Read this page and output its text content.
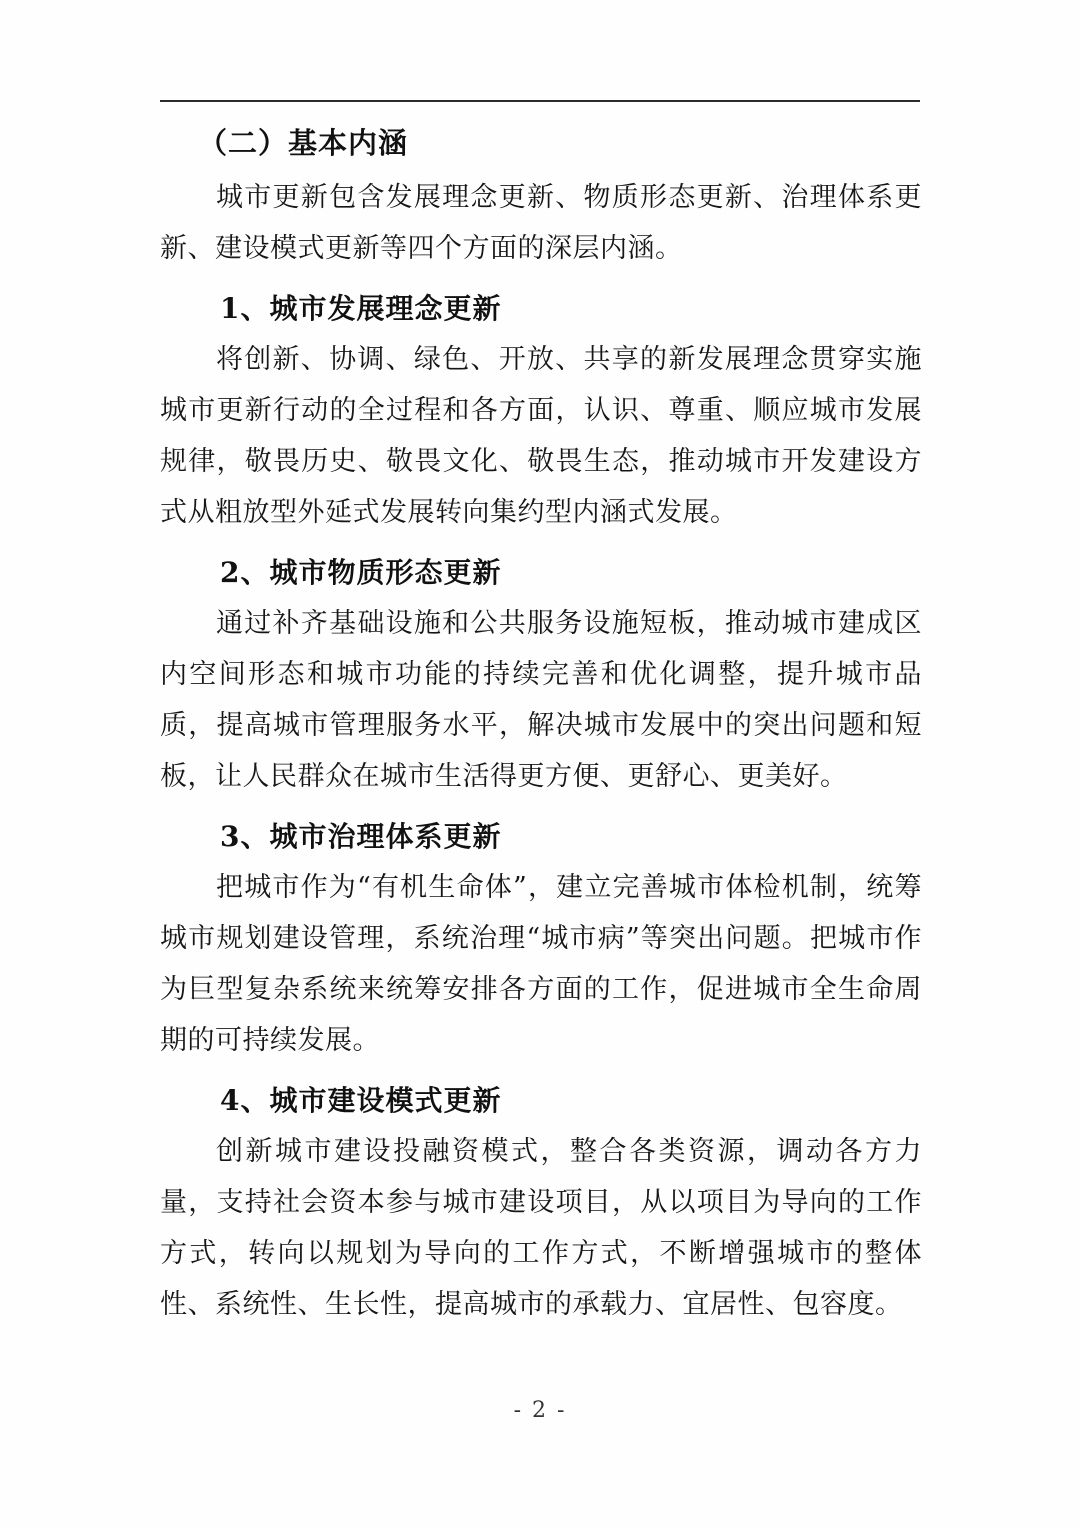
（二）基本内涵

城市更新包含发展理念更新、物质形态更新、治理体系更新、建设模式更新等四个方面的深层内涵。

1、城市发展理念更新

将创新、协调、绿色、开放、共享的新发展理念贯穿实施城市更新行动的全过程和各方面，认识、尊重、顺应城市发展规律，敬畏历史、敬畏文化、敬畏生态，推动城市开发建设方式从粗放型外延式发展转向集约型内涵式发展。

2、城市物质形态更新

通过补齐基础设施和公共服务设施短板，推动城市建成区内空间形态和城市功能的持续完善和优化调整，提升城市品质，提高城市管理服务水平，解决城市发展中的突出问题和短板，让人民群众在城市生活得更方便、更舒心、更美好。

3、城市治理体系更新

把城市作为“有机生命体”，建立完善城市体检机制，统筹城市规划建设管理，系统治理“城市病”等突出问题。把城市作为巨型复杂系统来统筹安排各方面的工作，促进城市全生命周期的可持续发展。

4、城市建设模式更新

创新城市建设投融资模式，整合各类资源，调动各方力量，支持社会资本参与城市建设项目，从以项目为导向的工作方式，转向以规划为导向的工作方式，不断增强城市的整体性、系统性、生长性，提高城市的承载力、宜居性、包容度。

- 2 -
